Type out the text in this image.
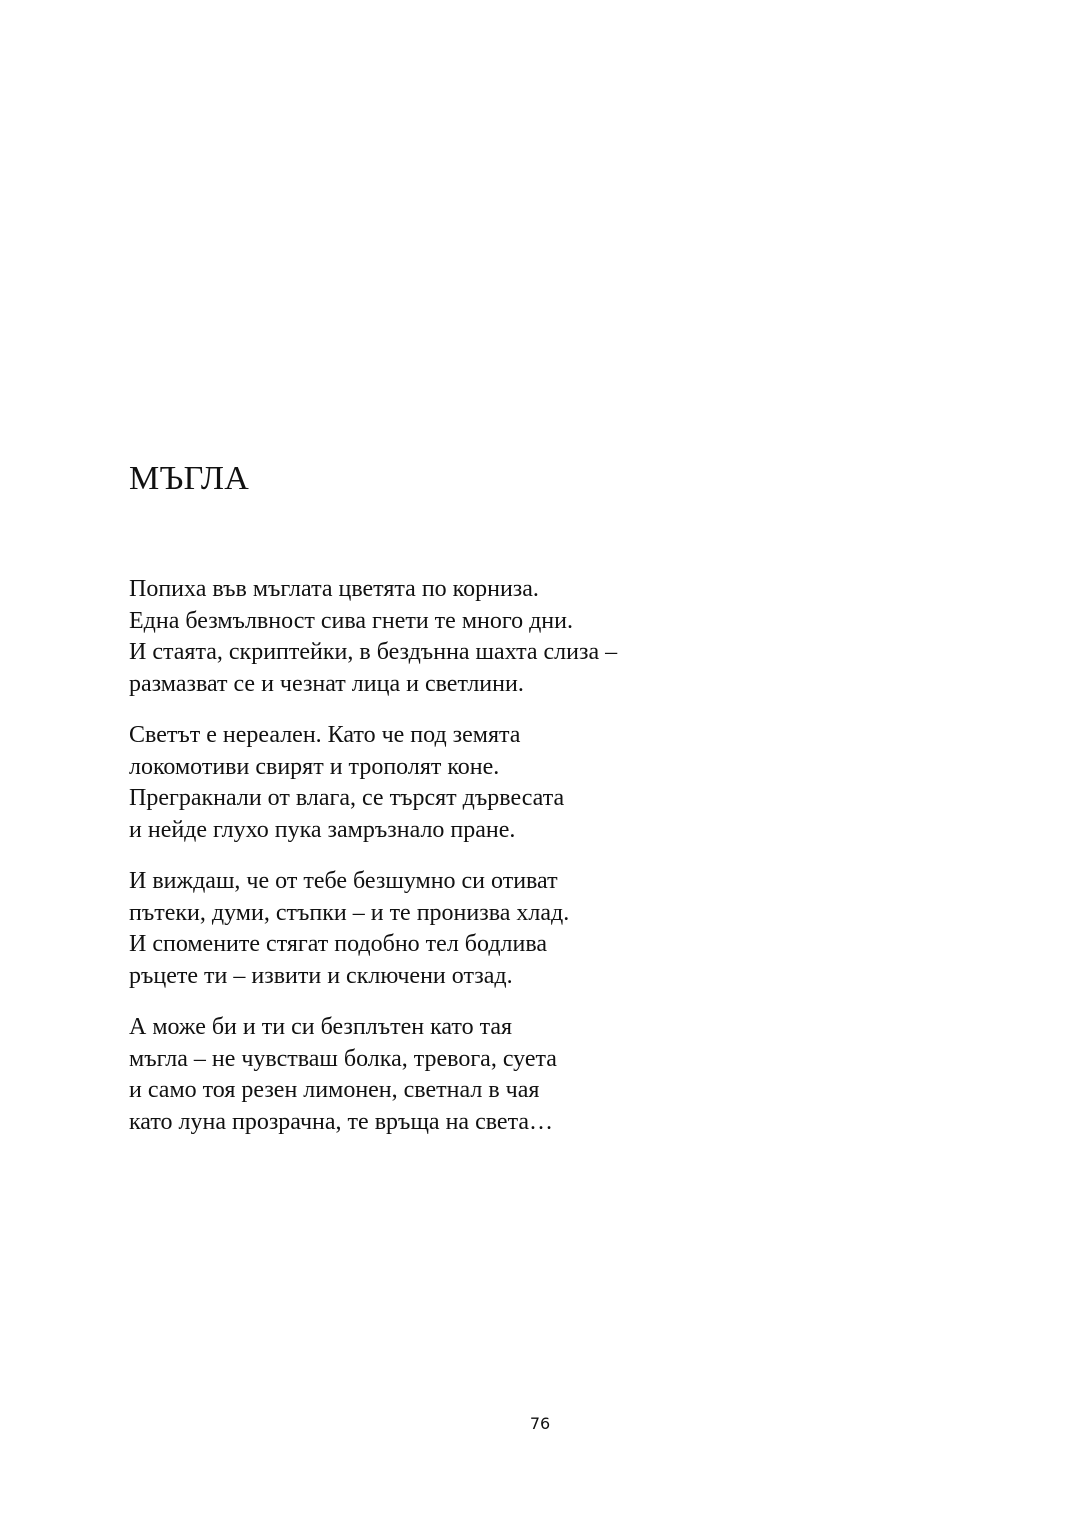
МЪГЛА

Попиха във мъглата цветята по корниза.
Една безмълвност сива гнети те много дни.
И стаята, скриптейки, в бездънна шахта слиза –
размазват се и чезнат лица и светлини.

Светът е нереален. Като че под земята
локомотиви свирят и трополят коне.
Прегракнали от влага, се търсят дървесата
и нейде глухо пука замръзнало пране.

И виждаш, че от тебе безшумно си отиват
пътеки, думи, стъпки – и те пронизва хлад.
И спомените стягат подобно тел бодлива
ръцете ти – извити и сключени отзад.

А може би и ти си безплътен като тая
мъгла – не чувстваш болка, тревога, суета
и само тоя резен лимонен, светнал в чая
като луна прозрачна, те връща на света…

76
